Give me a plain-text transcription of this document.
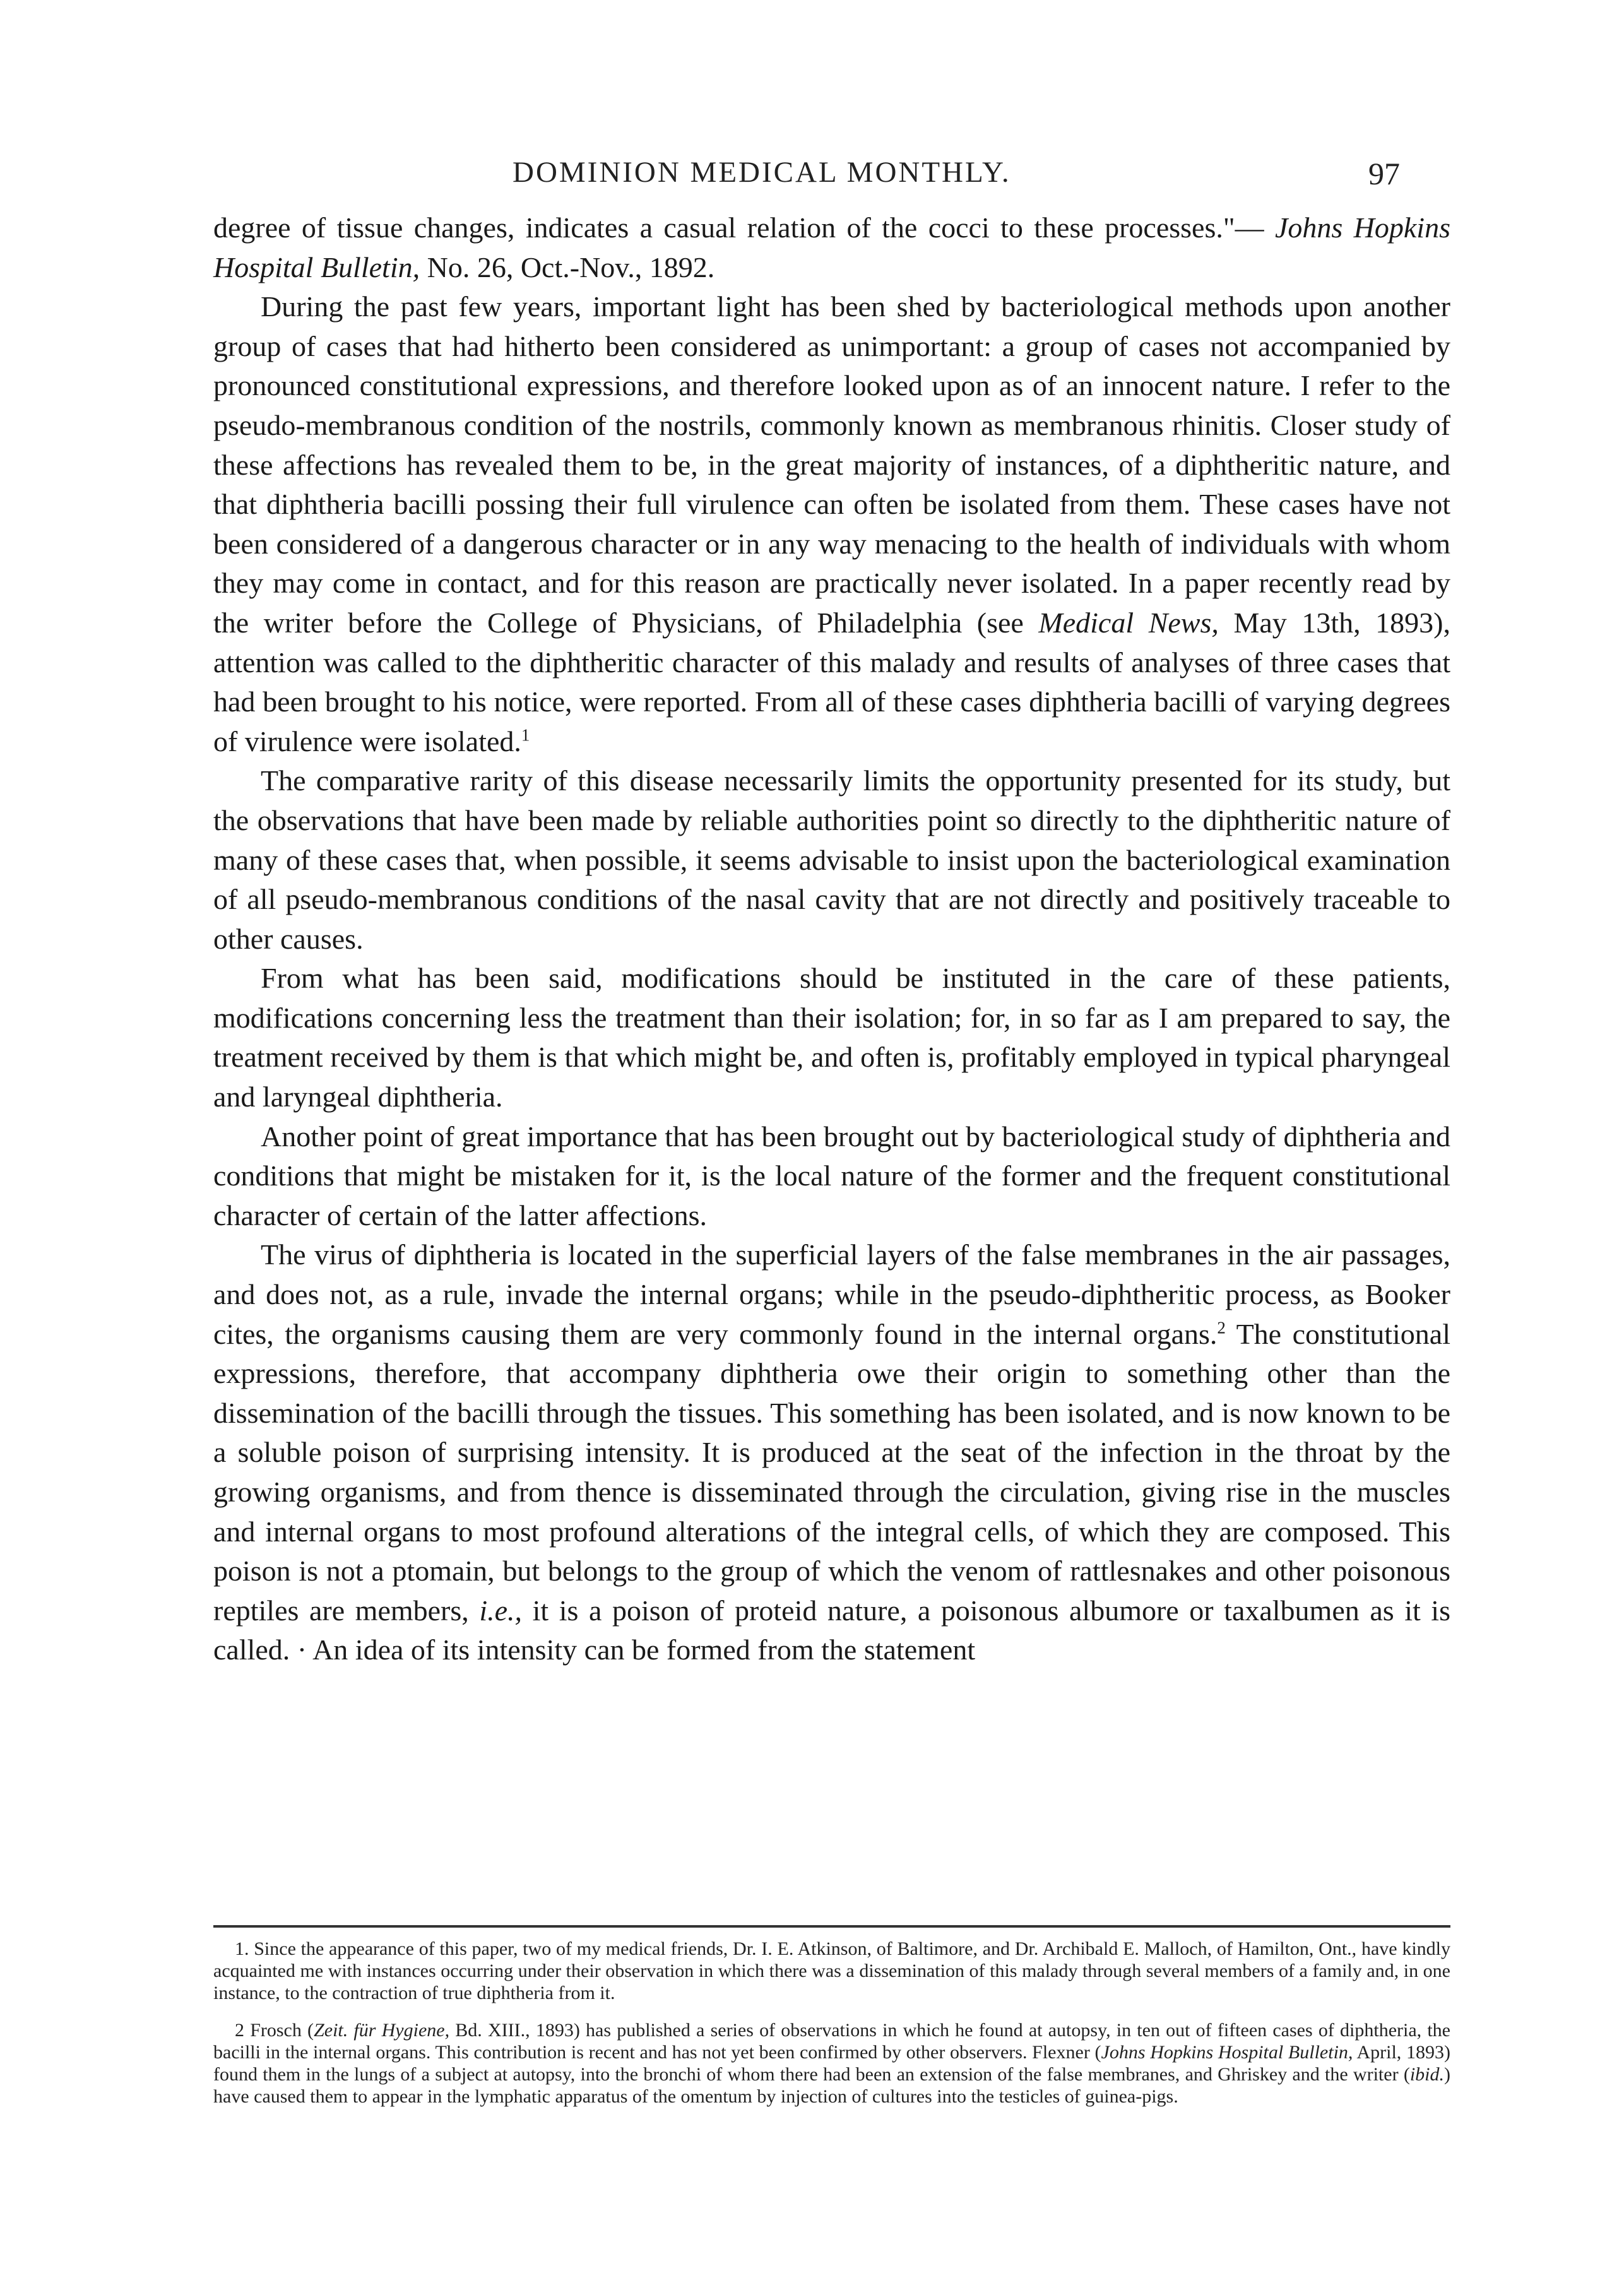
DOMINION MEDICAL MONTHLY.	97

degree of tissue changes, indicates a casual relation of the cocci to these processes."— Johns Hopkins Hospital Bulletin, No. 26, Oct.-Nov., 1892.

During the past few years, important light has been shed by bacteriological methods upon another group of cases that had hitherto been considered as unimportant: a group of cases not accompanied by pronounced constitutional expressions, and therefore looked upon as of an innocent nature. I refer to the pseudo-membranous condition of the nostrils, commonly known as membranous rhinitis. Closer study of these affections has revealed them to be, in the great majority of instances, of a diphtheritic nature, and that diphtheria bacilli possing their full virulence can often be isolated from them. These cases have not been considered of a dangerous character or in any way menacing to the health of individuals with whom they may come in contact, and for this reason are practically never isolated. In a paper recently read by the writer before the College of Physicians, of Philadelphia (see Medical News, May 13th, 1893), attention was called to the diphtheritic character of this malady and results of analyses of three cases that had been brought to his notice, were reported. From all of these cases diphtheria bacilli of varying degrees of virulence were isolated.$^1$

The comparative rarity of this disease necessarily limits the opportunity presented for its study, but the observations that have been made by reliable authorities point so directly to the diphtheritic nature of many of these cases that, when possible, it seems advisable to insist upon the bacteriological examination of all pseudo-membranous conditions of the nasal cavity that are not directly and positively traceable to other causes.

From what has been said, modifications should be instituted in the care of these patients, modifications concerning less the treatment than their isolation; for, in so far as I am prepared to say, the treatment received by them is that which might be, and often is, profitably employed in typical pharyngeal and laryngeal diphtheria.

Another point of great importance that has been brought out by bacteriological study of diphtheria and conditions that might be mistaken for it, is the local nature of the former and the frequent constitutional character of certain of the latter affections.

The virus of diphtheria is located in the superficial layers of the false membranes in the air passages, and does not, as a rule, invade the internal organs; while in the pseudo-diphtheritic process, as Booker cites, the organisms causing them are very commonly found in the internal organs.$^2$ The constitutional expressions, therefore, that accompany diphtheria owe their origin to something other than the dissemination of the bacilli through the tissues. This something has been isolated, and is now known to be a soluble poison of surprising intensity. It is produced at the seat of the infection in the throat by the growing organisms, and from thence is disseminated through the circulation, giving rise in the muscles and internal organs to most profound alterations of the integral cells, of which they are composed. This poison is not a ptomain, but belongs to the group of which the venom of rattlesnakes and other poisonous reptiles are members, i.e., it is a poison of proteid nature, a poisonous albumore or taxalbumen as it is called. · An idea of its intensity can be formed from the statement

1. Since the appearance of this paper, two of my medical friends, Dr. I. E. Atkinson, of Baltimore, and Dr. Archibald E. Malloch, of Hamilton, Ont., have kindly acquainted me with instances occurring under their observation in which there was a dissemination of this malady through several members of a family and, in one instance, to the contraction of true diphtheria from it.

2 Frosch (Zeit. für Hygiene, Bd. XIII., 1893) has published a series of observations in which he found at autopsy, in ten out of fifteen cases of diphtheria, the bacilli in the internal organs. This contribution is recent and has not yet been confirmed by other observers. Flexner (Johns Hopkins Hospital Bulletin, April, 1893) found them in the lungs of a subject at autopsy, into the bronchi of whom there had been an extension of the false membranes, and Ghriskey and the writer (ibid.) have caused them to appear in the lymphatic apparatus of the omentum by injection of cultures into the testicles of guinea-pigs.
